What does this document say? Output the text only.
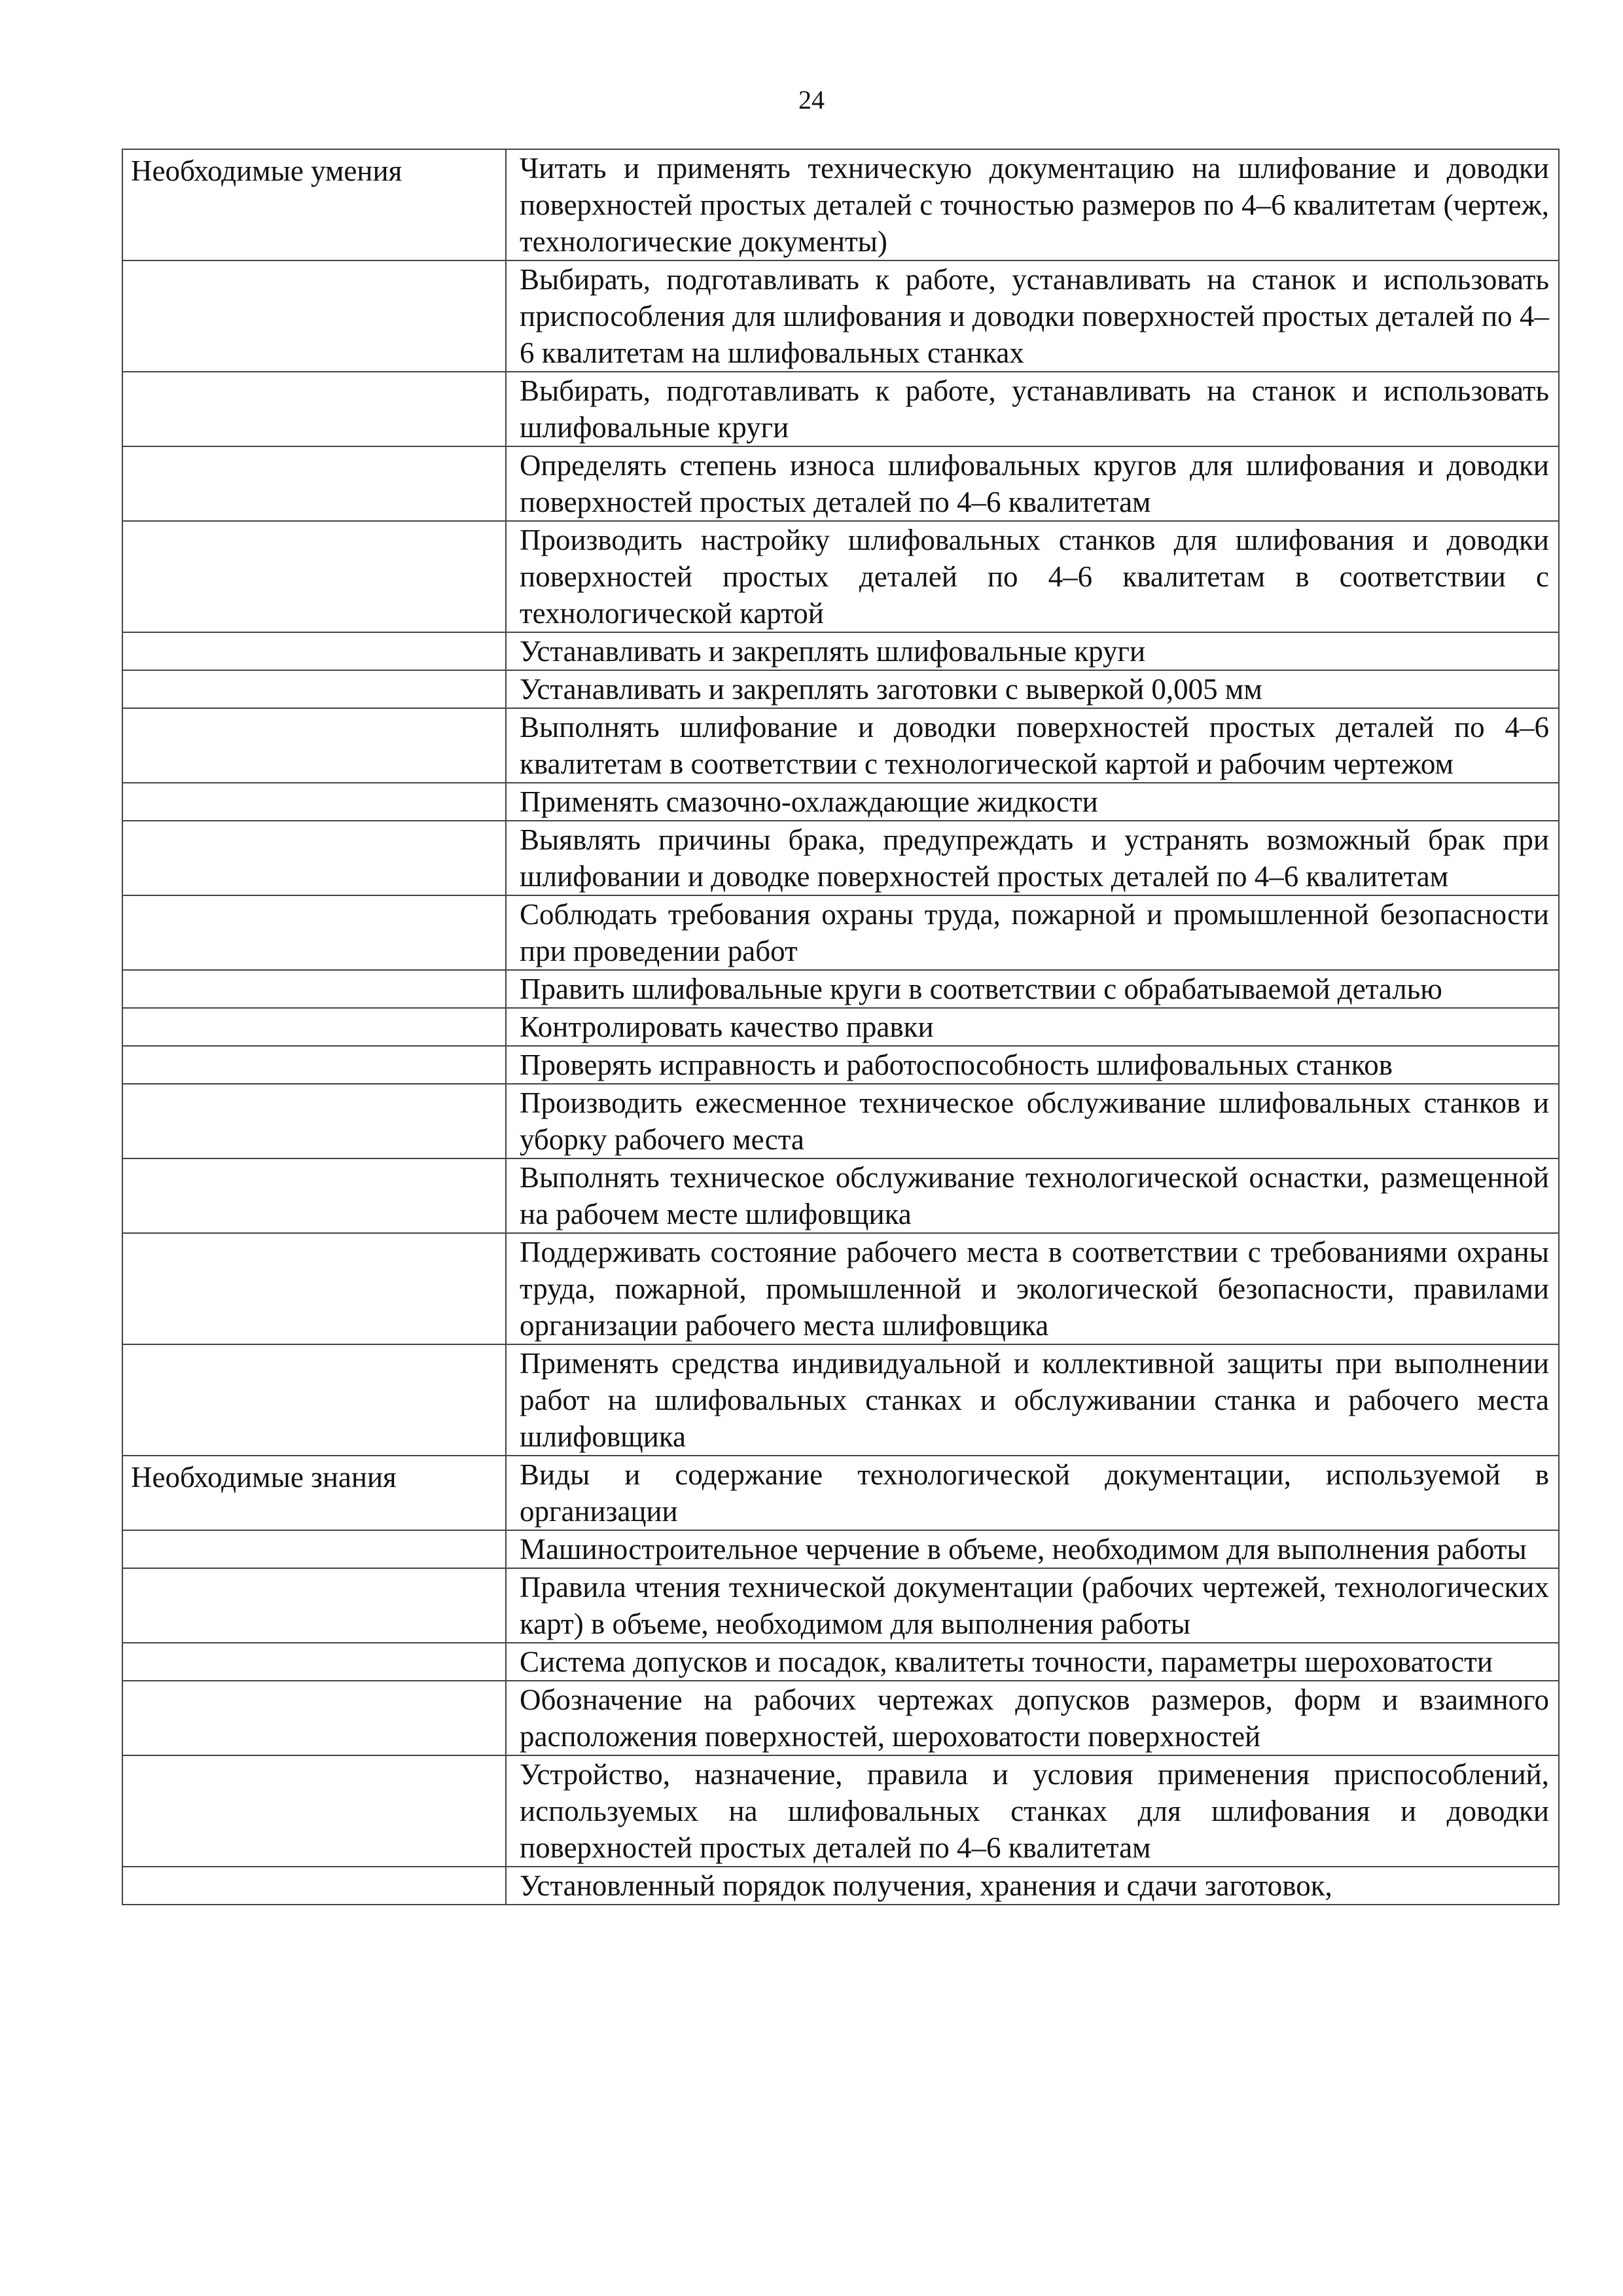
24
Необходимые умения	Читать и применять техническую документацию на шлифование и доводки поверхностей простых деталей с точностью размеров по 4–6 квалитетам (чертеж, технологические документы)
	Выбирать, подготавливать к работе, устанавливать на станок и использовать приспособления для шлифования и доводки поверхностей простых деталей по 4–6 квалитетам на шлифовальных станках
	Выбирать, подготавливать к работе, устанавливать на станок и использовать шлифовальные круги
	Определять степень износа шлифовальных кругов для шлифования и доводки поверхностей простых деталей по 4–6 квалитетам
	Производить настройку шлифовальных станков для шлифования и доводки поверхностей простых деталей по 4–6 квалитетам в соответствии с технологической картой
	Устанавливать и закреплять шлифовальные круги
	Устанавливать и закреплять заготовки с выверкой 0,005 мм
	Выполнять шлифование и доводки поверхностей простых деталей по 4–6 квалитетам в соответствии с технологической картой и рабочим чертежом
	Применять смазочно-охлаждающие жидкости
	Выявлять причины брака, предупреждать и устранять возможный брак при шлифовании и доводке поверхностей простых деталей по 4–6 квалитетам
	Соблюдать требования охраны труда, пожарной и промышленной безопасности при проведении работ
	Править шлифовальные круги в соответствии с обрабатываемой деталью
	Контролировать качество правки
	Проверять исправность и работоспособность шлифовальных станков
	Производить ежесменное техническое обслуживание шлифовальных станков и уборку рабочего места
	Выполнять техническое обслуживание технологической оснастки, размещенной на рабочем месте шлифовщика
	Поддерживать состояние рабочего места в соответствии с требованиями охраны труда, пожарной, промышленной и экологической безопасности, правилами организации рабочего места шлифовщика
	Применять средства индивидуальной и коллективной защиты при выполнении работ на шлифовальных станках и обслуживании станка и рабочего места шлифовщика
Необходимые знания	Виды и содержание технологической документации, используемой в организации
	Машиностроительное черчение в объеме, необходимом для выполнения работы
	Правила чтения технической документации (рабочих чертежей, технологических карт) в объеме, необходимом для выполнения работы
	Система допусков и посадок, квалитеты точности, параметры шероховатости
	Обозначение на рабочих чертежах допусков размеров, форм и взаимного расположения поверхностей, шероховатости поверхностей
	Устройство, назначение, правила и условия применения приспособлений, используемых на шлифовальных станках для шлифования и доводки поверхностей простых деталей по 4–6 квалитетам
	Установленный порядок получения, хранения и сдачи заготовок,
